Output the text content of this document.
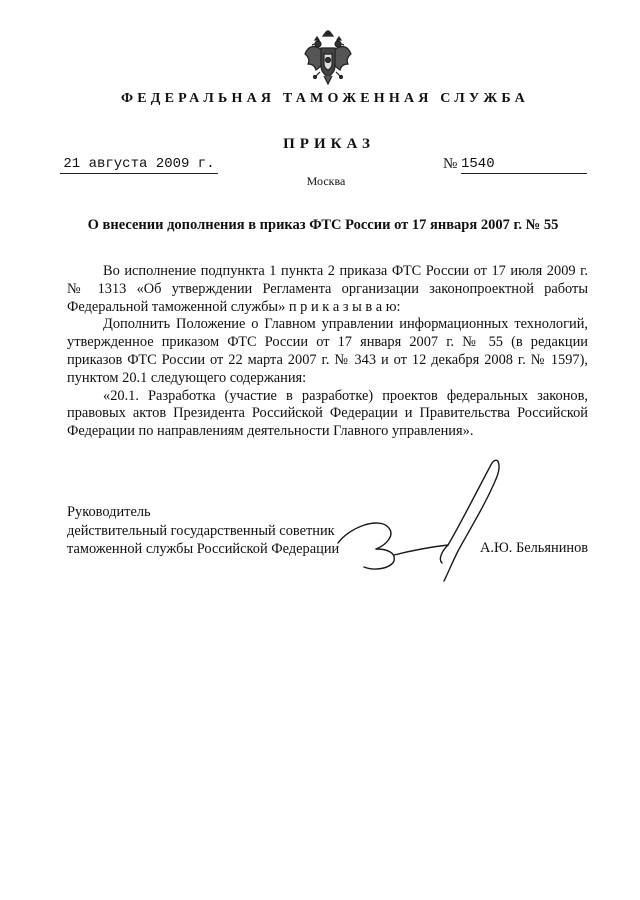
ФЕДЕРАЛЬНАЯ ТАМОЖЕННАЯ СЛУЖБА
ПРИКАЗ
21 августа 2009 г.	№ 1540
Москва
О внесении дополнения в приказ ФТС России от 17 января 2007 г. № 55

Во исполнение подпункта 1 пункта 2 приказа ФТС России от 17 июля 2009 г. № 1313 «Об утверждении Регламента организации законопроектной работы Федеральной таможенной службы» п р и к а з ы в а ю:

Дополнить Положение о Главном управлении информационных технологий, утвержденное приказом ФТС России от 17 января 2007 г. № 55 (в редакции приказов ФТС России от 22 марта 2007 г. № 343 и от 12 декабря 2008 г. № 1597), пунктом 20.1 следующего содержания:

«20.1. Разработка (участие в разработке) проектов федеральных законов, правовых актов Президента Российской Федерации и Правительства Российской Федерации по направлениям деятельности Главного управления».

Руководитель
действительный государственный советник
таможенной службы Российской Федерации	А.Ю. Бельянинов
